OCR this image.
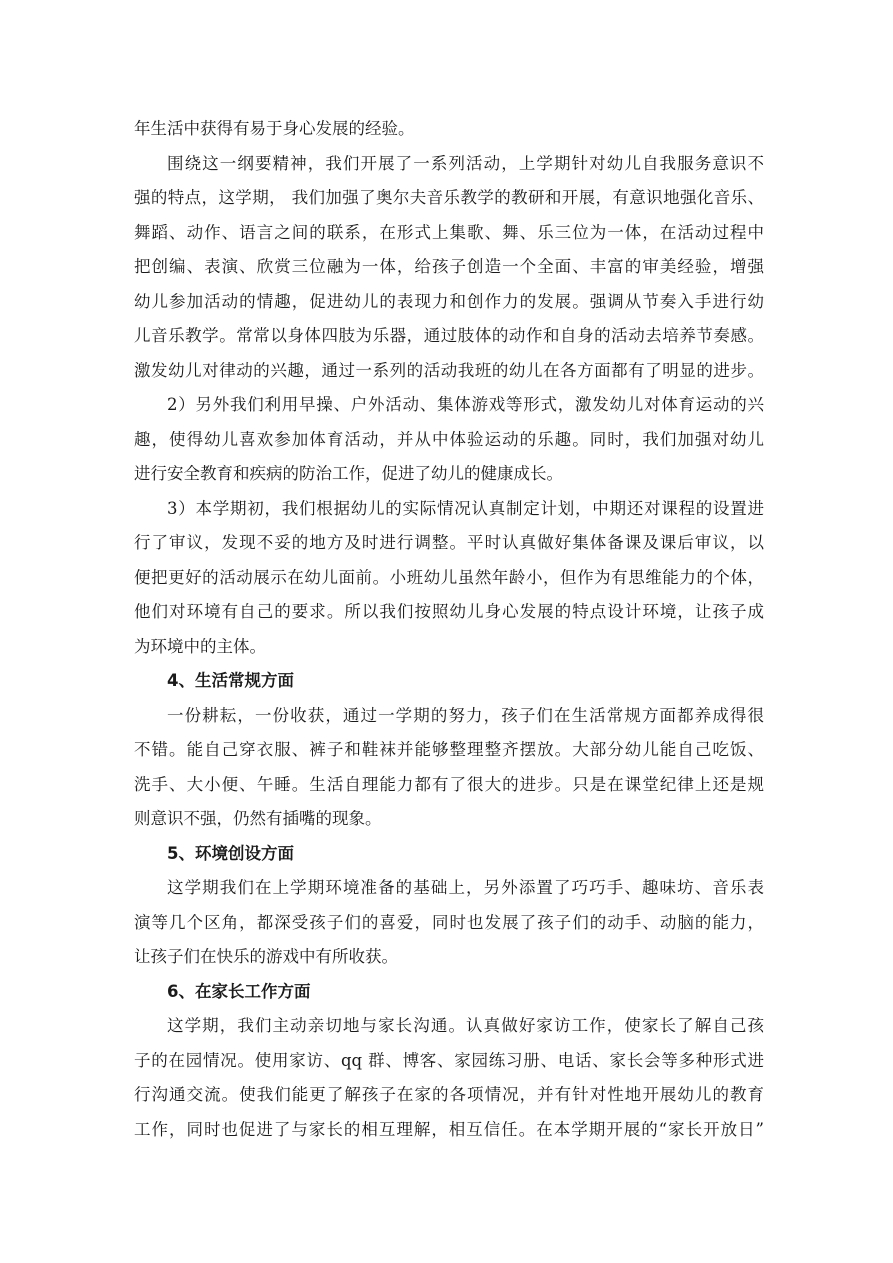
年生活中获得有易于身心发展的经验。
围绕这一纲要精神，我们开展了一系列活动，上学期针对幼儿自我服务意识不
强的特点，这学期， 我们加强了奥尔夫音乐教学的教研和开展，有意识地强化音乐、
舞蹈、动作、语言之间的联系，在形式上集歌、舞、乐三位为一体，在活动过程中
把创编、表演、欣赏三位融为一体，给孩子创造一个全面、丰富的审美经验，增强
幼儿参加活动的情趣，促进幼儿的表现力和创作力的发展。强调从节奏入手进行幼
儿音乐教学。常常以身体四肢为乐器，通过肢体的动作和自身的活动去培养节奏感。
激发幼儿对律动的兴趣，通过一系列的活动我班的幼儿在各方面都有了明显的进步。
2）另外我们利用早操、户外活动、集体游戏等形式，激发幼儿对体育运动的兴
趣，使得幼儿喜欢参加体育活动，并从中体验运动的乐趣。同时，我们加强对幼儿
进行安全教育和疾病的防治工作，促进了幼儿的健康成长。
3）本学期初，我们根据幼儿的实际情况认真制定计划，中期还对课程的设置进
行了审议，发现不妥的地方及时进行调整。平时认真做好集体备课及课后审议，以
便把更好的活动展示在幼儿面前。小班幼儿虽然年龄小，但作为有思维能力的个体，
他们对环境有自己的要求。所以我们按照幼儿身心发展的特点设计环境，让孩子成
为环境中的主体。
4、生活常规方面
一份耕耘，一份收获，通过一学期的努力，孩子们在生活常规方面都养成得很
不错。能自己穿衣服、裤子和鞋袜并能够整理整齐摆放。大部分幼儿能自己吃饭、
洗手、大小便、午睡。生活自理能力都有了很大的进步。只是在课堂纪律上还是规
则意识不强，仍然有插嘴的现象。
5、环境创设方面
这学期我们在上学期环境准备的基础上，另外添置了巧巧手、趣味坊、音乐表
演等几个区角，都深受孩子们的喜爱，同时也发展了孩子们的动手、动脑的能力，
让孩子们在快乐的游戏中有所收获。
6、在家长工作方面
这学期，我们主动亲切地与家长沟通。认真做好家访工作，使家长了解自己孩
子的在园情况。使用家访、qq 群、博客、家园练习册、电话、家长会等多种形式进
行沟通交流。使我们能更了解孩子在家的各项情况，并有针对性地开展幼儿的教育
工作，同时也促进了与家长的相互理解，相互信任。在本学期开展的“家长开放日”
